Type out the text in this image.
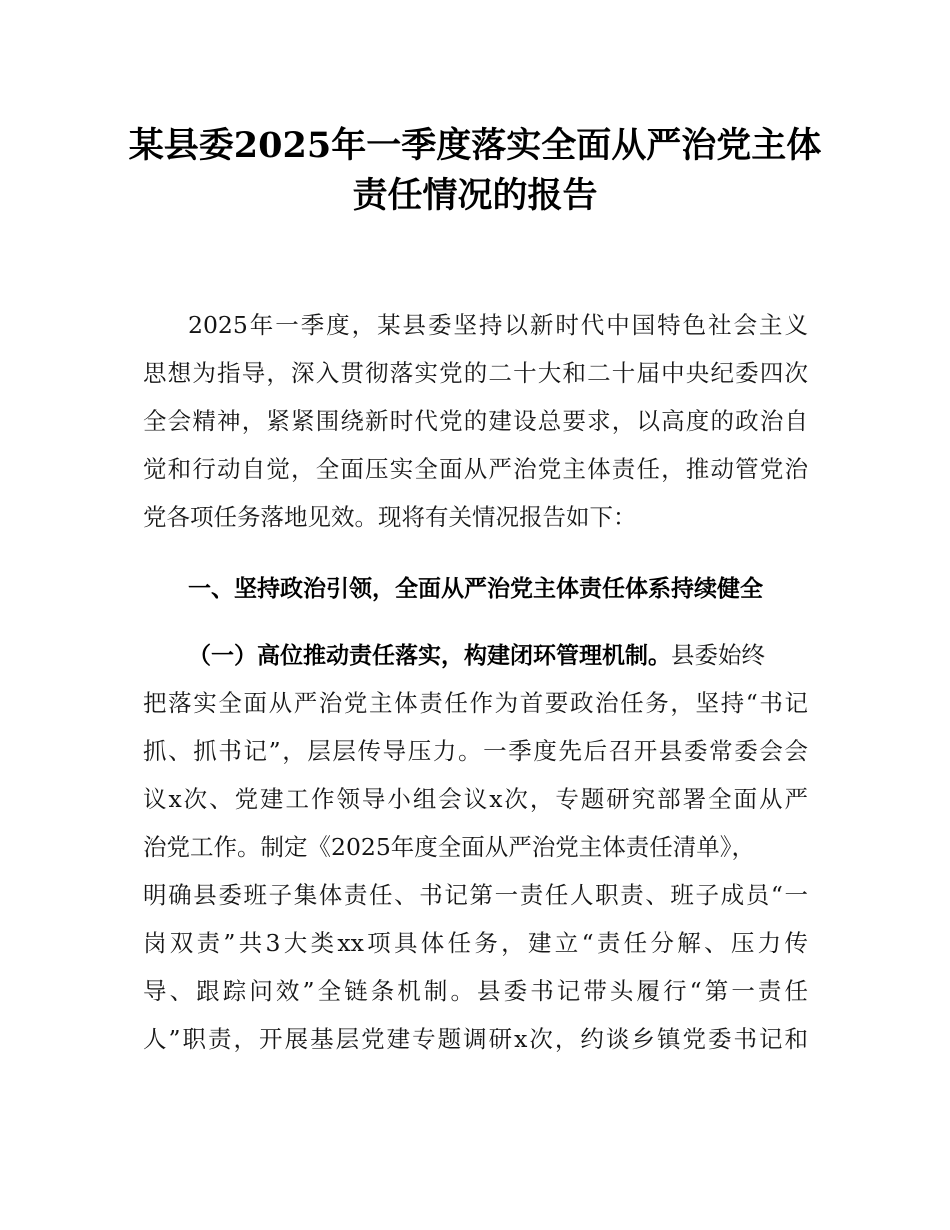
某县委2025年一季度落实全面从严治党主体
责任情况的报告
2025年一季度，某县委坚持以新时代中国特色社会主义
思想为指导，深入贯彻落实党的二十大和二十届中央纪委四次
全会精神，紧紧围绕新时代党的建设总要求，以高度的政治自
觉和行动自觉，全面压实全面从严治党主体责任，推动管党治
党各项任务落地见效。现将有关情况报告如下：
一、坚持政治引领，全面从严治党主体责任体系持续健全
（一）高位推动责任落实，构建闭环管理机制。县委始终
把落实全面从严治党主体责任作为首要政治任务，坚持“书记
抓、抓书记”，层层传导压力。一季度先后召开县委常委会会
议x次、党建工作领导小组会议x次，专题研究部署全面从严
治党工作。制定《2025年度全面从严治党主体责任清单》，
明确县委班子集体责任、书记第一责任人职责、班子成员“一
岗双责”共3大类xx项具体任务，建立“责任分解、压力传
导、跟踪问效”全链条机制。县委书记带头履行“第一责任
人”职责，开展基层党建专题调研x次，约谈乡镇党委书记和
